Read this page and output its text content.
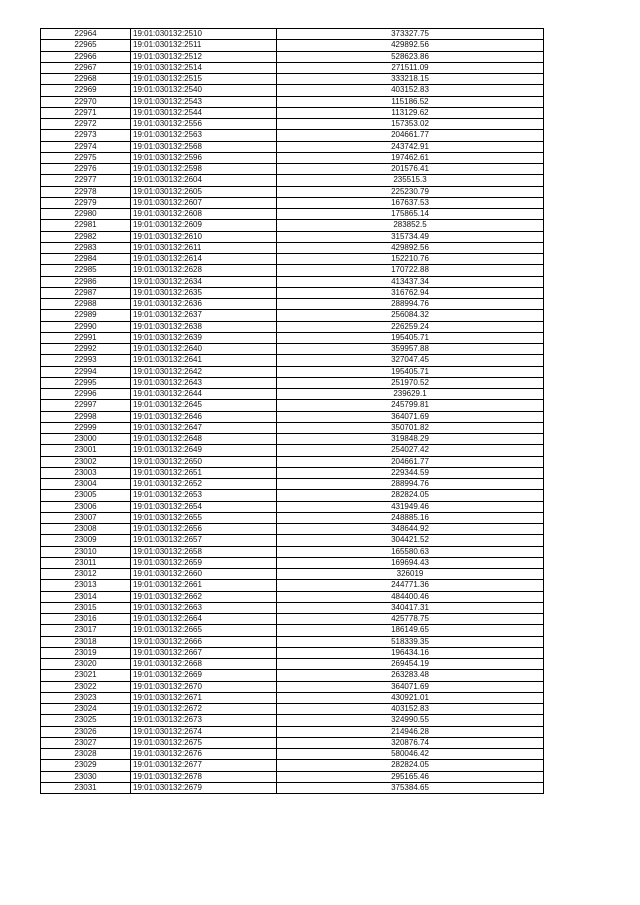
22964	19:01:030132:2510	373327.75
22965	19:01:030132:2511	429892.56
22966	19:01:030132:2512	528623.86
22967	19:01:030132:2514	271511.09
22968	19:01:030132:2515	333218.15
22969	19:01:030132:2540	403152.83
22970	19:01:030132:2543	115186.52
22971	19:01:030132:2544	113129.62
22972	19:01:030132:2556	157353.02
22973	19:01:030132:2563	204661.77
22974	19:01:030132:2568	243742.91
22975	19:01:030132:2596	197462.61
22976	19:01:030132:2598	201576.41
22977	19:01:030132:2604	235515.3
22978	19:01:030132:2605	225230.79
22979	19:01:030132:2607	167637.53
22980	19:01:030132:2608	175865.14
22981	19:01:030132:2609	283852.5
22982	19:01:030132:2610	315734.49
22983	19:01:030132:2611	429892.56
22984	19:01:030132:2614	152210.76
22985	19:01:030132:2628	170722.88
22986	19:01:030132:2634	413437.34
22987	19:01:030132:2635	316762.94
22988	19:01:030132:2636	288994.76
22989	19:01:030132:2637	256084.32
22990	19:01:030132:2638	226259.24
22991	19:01:030132:2639	195405.71
22992	19:01:030132:2640	359957.88
22993	19:01:030132:2641	327047.45
22994	19:01:030132:2642	195405.71
22995	19:01:030132:2643	251970.52
22996	19:01:030132:2644	239629.1
22997	19:01:030132:2645	245799.81
22998	19:01:030132:2646	364071.69
22999	19:01:030132:2647	350701.82
23000	19:01:030132:2648	319848.29
23001	19:01:030132:2649	254027.42
23002	19:01:030132:2650	204661.77
23003	19:01:030132:2651	229344.59
23004	19:01:030132:2652	288994.76
23005	19:01:030132:2653	282824.05
23006	19:01:030132:2654	431949.46
23007	19:01:030132:2655	248885.16
23008	19:01:030132:2656	348644.92
23009	19:01:030132:2657	304421.52
23010	19:01:030132:2658	165580.63
23011	19:01:030132:2659	169694.43
23012	19:01:030132:2660	326019
23013	19:01:030132:2661	244771.36
23014	19:01:030132:2662	484400.46
23015	19:01:030132:2663	340417.31
23016	19:01:030132:2664	425778.75
23017	19:01:030132:2665	186149.65
23018	19:01:030132:2666	518339.35
23019	19:01:030132:2667	196434.16
23020	19:01:030132:2668	269454.19
23021	19:01:030132:2669	263283.48
23022	19:01:030132:2670	364071.69
23023	19:01:030132:2671	430921.01
23024	19:01:030132:2672	403152.83
23025	19:01:030132:2673	324990.55
23026	19:01:030132:2674	214946.28
23027	19:01:030132:2675	320876.74
23028	19:01:030132:2676	580046.42
23029	19:01:030132:2677	282824.05
23030	19:01:030132:2678	295165.46
23031	19:01:030132:2679	375384.65
